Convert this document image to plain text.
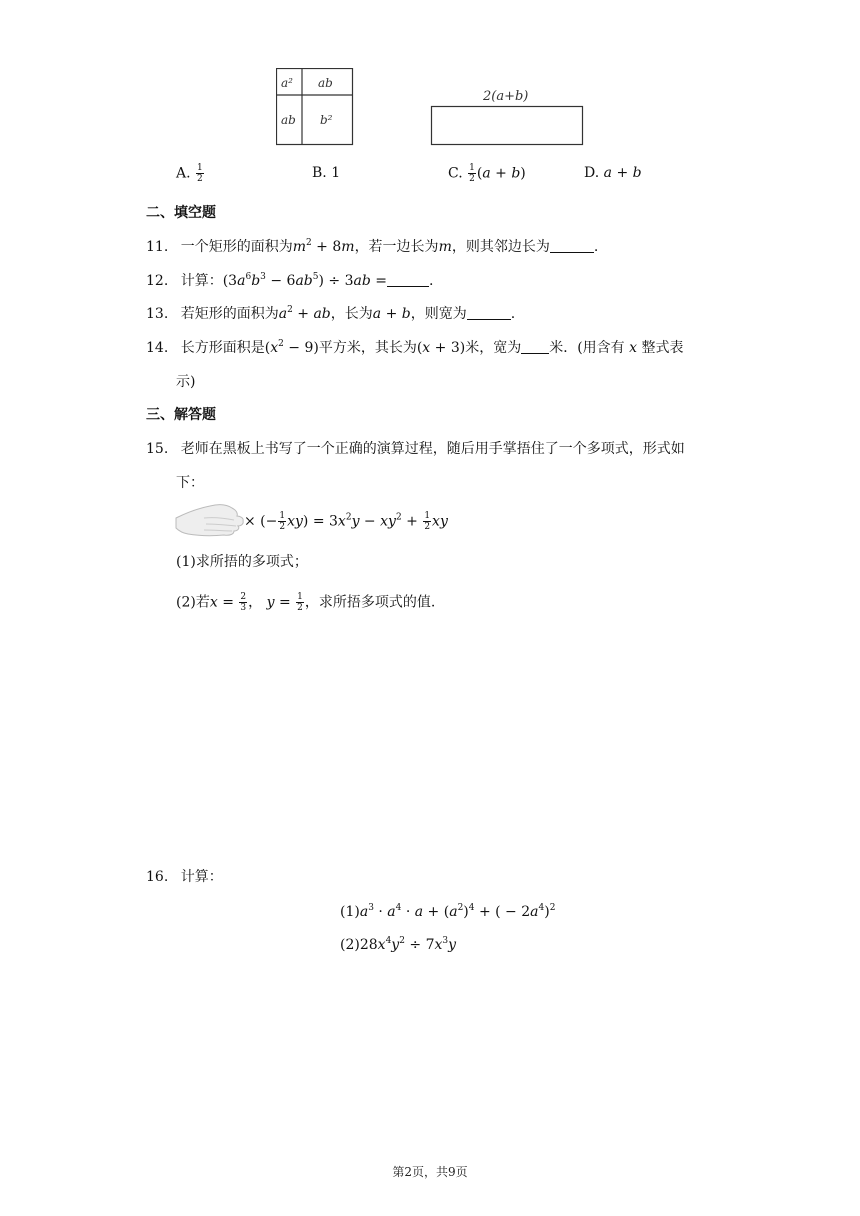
a² ab
ab b²
2(a+b)
A. $\frac{1}{2}$	B. 1	C. $\frac{1}{2} (a + b)$	D. a + b
二、填空题
11. 一个矩形的面积为$m^2 + 8m$，若一边长为m，则其邻边长为	.
12. 计算：$(3a^6b^3 - 6ab^5) \div 3ab$ =	.
13. 若矩形的面积为$a^2$ + ab，长为a + b，则宽为	.
14. 长方形面积是$(x^2 - 9)$平方米，其长为(x + 3)米，宽为 米．(用含有 x 整式表
示)
三、解答题
15. 老师在黑板上书写了一个正确的演算过程，随后用手掌捂住了一个多项式，形式如
下：
× (− $\frac{1}{2} xy) = 3x^2y - xy^2 + \frac{1}{2}$ xy
(1)求所捂的多项式；
(2)若$x = \frac{2}{3}$ ， $y = \frac{1}{2}$ ，求所捂多项式的值.
16. 计算：
$(1)a^3 \cdot a^4 \cdot a + (a^2)^4$ + ( − $2a^4)^2$
$(2)28x^4y^2 \div 7x^3y$
第2页，共9页
